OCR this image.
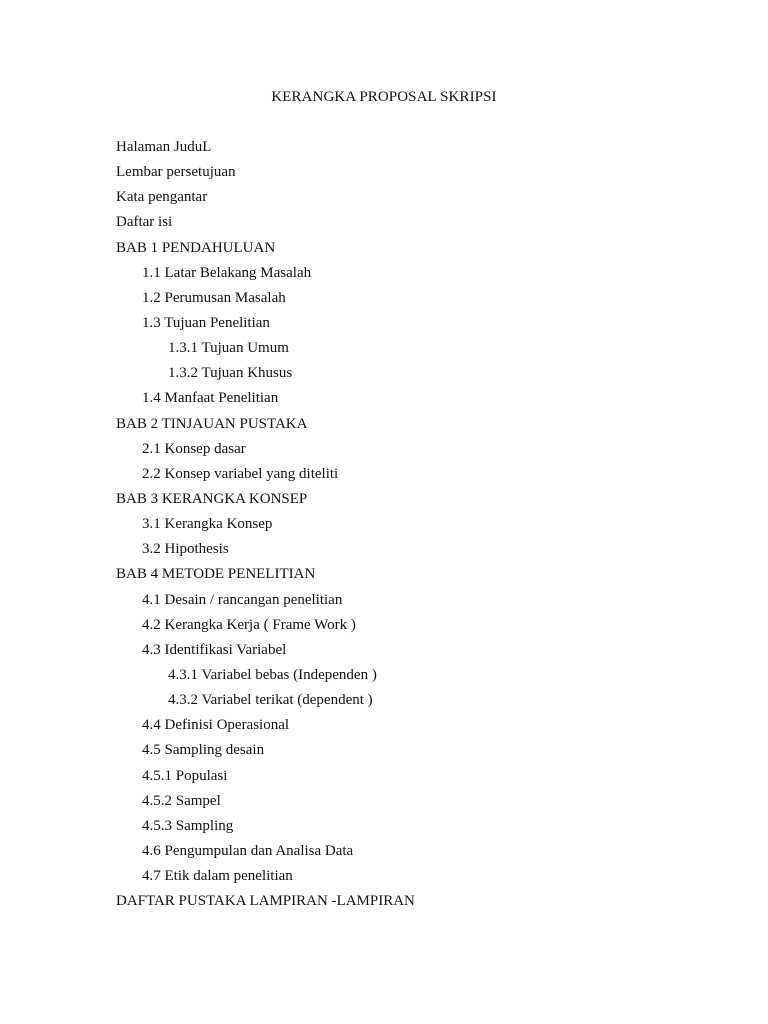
KERANGKA PROPOSAL SKRIPSI
Halaman JuduL
Lembar persetujuan
Kata pengantar
Daftar isi
BAB 1 PENDAHULUAN
1.1 Latar Belakang Masalah
1.2 Perumusan Masalah
1.3 Tujuan Penelitian
1.3.1 Tujuan Umum
1.3.2 Tujuan Khusus
1.4 Manfaat Penelitian
BAB 2 TINJAUAN PUSTAKA
2.1 Konsep dasar
2.2 Konsep variabel yang diteliti
BAB 3 KERANGKA KONSEP
3.1 Kerangka Konsep
3.2 Hipothesis
BAB 4 METODE PENELITIAN
4.1 Desain / rancangan penelitian
4.2 Kerangka Kerja ( Frame Work )
4.3 Identifikasi Variabel
4.3.1 Variabel bebas (Independen )
4.3.2 Variabel terikat (dependent )
4.4 Definisi Operasional
4.5 Sampling desain
4.5.1 Populasi
4.5.2 Sampel
4.5.3 Sampling
4.6 Pengumpulan dan Analisa Data
4.7 Etik dalam penelitian
DAFTAR PUSTAKA LAMPIRAN -LAMPIRAN
